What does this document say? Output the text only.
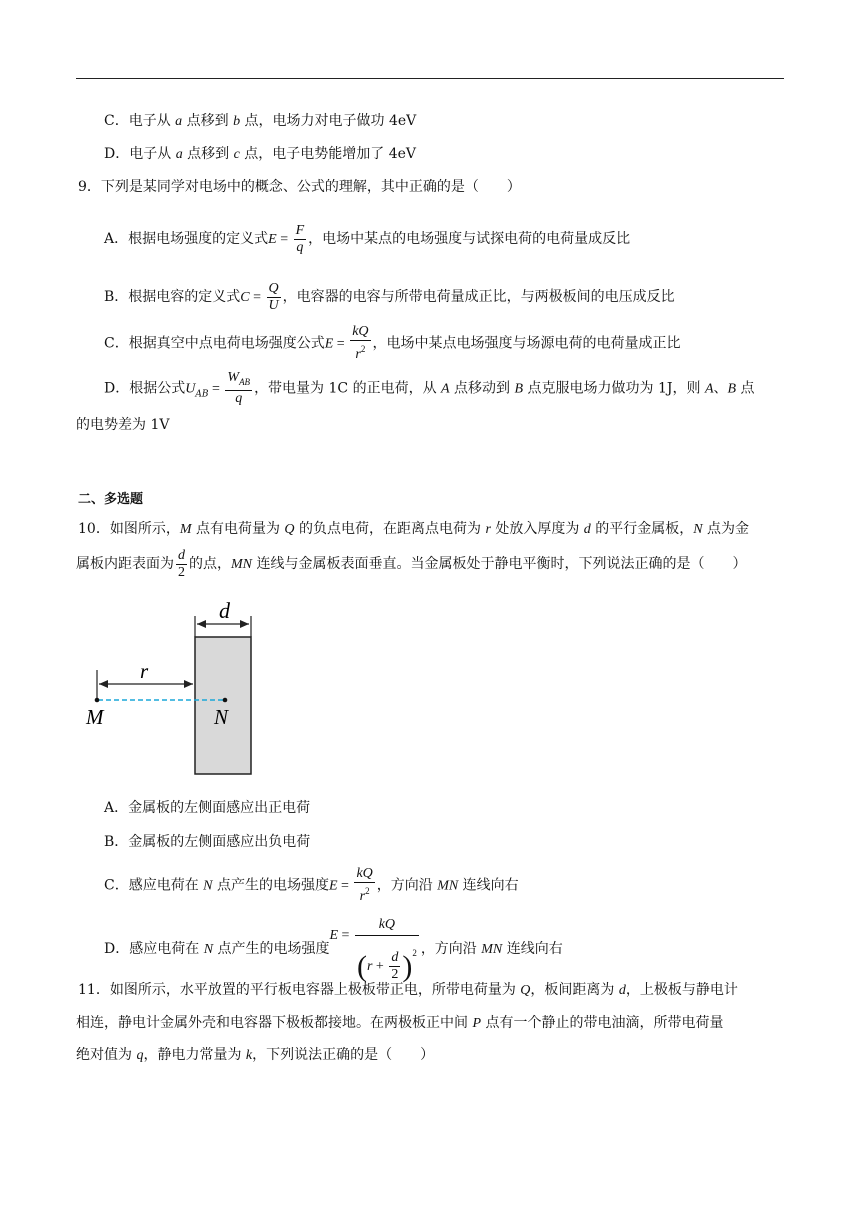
C．电子从 a 点移到 b 点，电场力对电子做功 4eV
D．电子从 a 点移到 c 点，电子电势能增加了 4eV
9．下列是某同学对电场中的概念、公式的理解，其中正确的是（　　）
A．根据电场强度的定义式$E = \frac{F}{q}$ ，电场中某点的电场强度与试探电荷的电荷量成反比
B．根据电容的定义式$C = \frac{Q}{U}$ ，电容器的电容与所带电荷量成正比，与两极板间的电压成反比
C．根据真空中点电荷电场强度公式$E = \frac{kQ}{r^2}$ ，电场中某点电场强度与场源电荷的电荷量成正比
D．根据公式$U_{AB} = \frac{W_{AB}}{q}$ ，带电量为 1C 的正电荷，从 A 点移动到 B 点克服电场力做功为 1J，则 A、B 点
的电势差为 1V
二、多选题
10．如图所示，M 点有电荷量为 Q 的负点电荷，在距离点电荷为 r 处放入厚度为 d 的平行金属板，N 点为金
属板内距表面为 $\frac{d}{2}$ 的点，MN 连线与金属板表面垂直。当金属板处于静电平衡时，下列说法正确的是（　　）
d
r
M	N
A．金属板的左侧面感应出正电荷
B．金属板的左侧面感应出负电荷
C．感应电荷在 N 点产生的电场强度$E = \frac{kQ}{r^2}$ ，方向沿 MN 连线向右
D．感应电荷在 N 点产生的电场强度$E = \frac{kQ}{(r + \frac{d}{2} )^2}$ ，方向沿 MN 连线向右
11．如图所示，水平放置的平行板电容器上极板带正电，所带电荷量为 Q，板间距离为 d，上极板与静电计
相连，静电计金属外壳和电容器下极板都接地。在两极板正中间 P 点有一个静止的带电油滴，所带电荷量
绝对值为 q，静电力常量为 k，下列说法正确的是（　　）
